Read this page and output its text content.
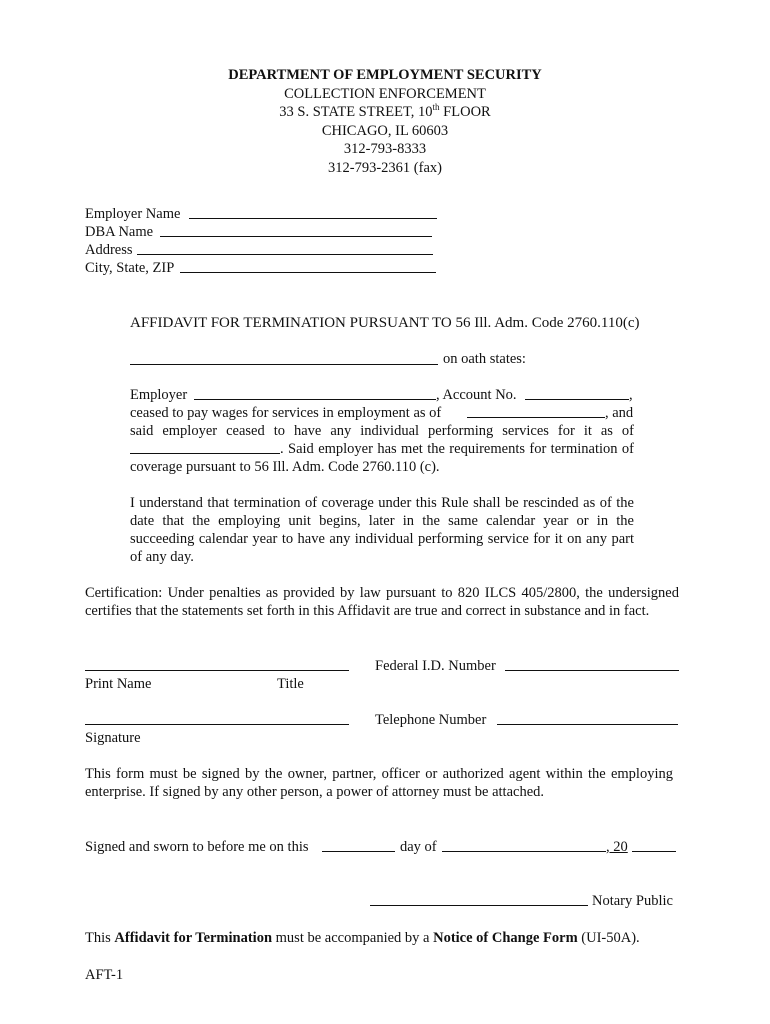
DEPARTMENT OF EMPLOYMENT SECURITY
COLLECTION ENFORCEMENT
33 S. STATE STREET, 10th FLOOR
CHICAGO, IL 60603
312-793-8333
312-793-2361 (fax)
Employer Name
DBA Name
Address
City, State, ZIP
AFFIDAVIT FOR TERMINATION PURSUANT TO 56 Ill. Adm. Code 2760.110(c)
on oath states:
Employer	, Account No.	,
ceased to pay wages for services in employment as of	, and
said employer ceased to have any individual performing services for it as of
. Said employer has met the requirements for termination of
coverage pursuant to 56 Ill. Adm. Code 2760.110 (c).
I understand that termination of coverage under this Rule shall be rescinded as of the
date that the employing unit begins, later in the same calendar year or in the
succeeding calendar year to have any individual performing service for it on any part
of any day.
Certification: Under penalties as provided by law pursuant to 820 ILCS 405/2800, the undersigned
certifies that the statements set forth in this Affidavit are true and correct in substance and in fact.
Federal I.D. Number
Print Name	Title
Telephone Number
Signature
This form must be signed by the owner, partner, officer or authorized agent within the employing
enterprise. If signed by any other person, a power of attorney must be attached.
Signed and sworn to before me on this	day of	, 20
Notary Public
This Affidavit for Termination must be accompanied by a Notice of Change Form (UI-50A).
AFT-1
